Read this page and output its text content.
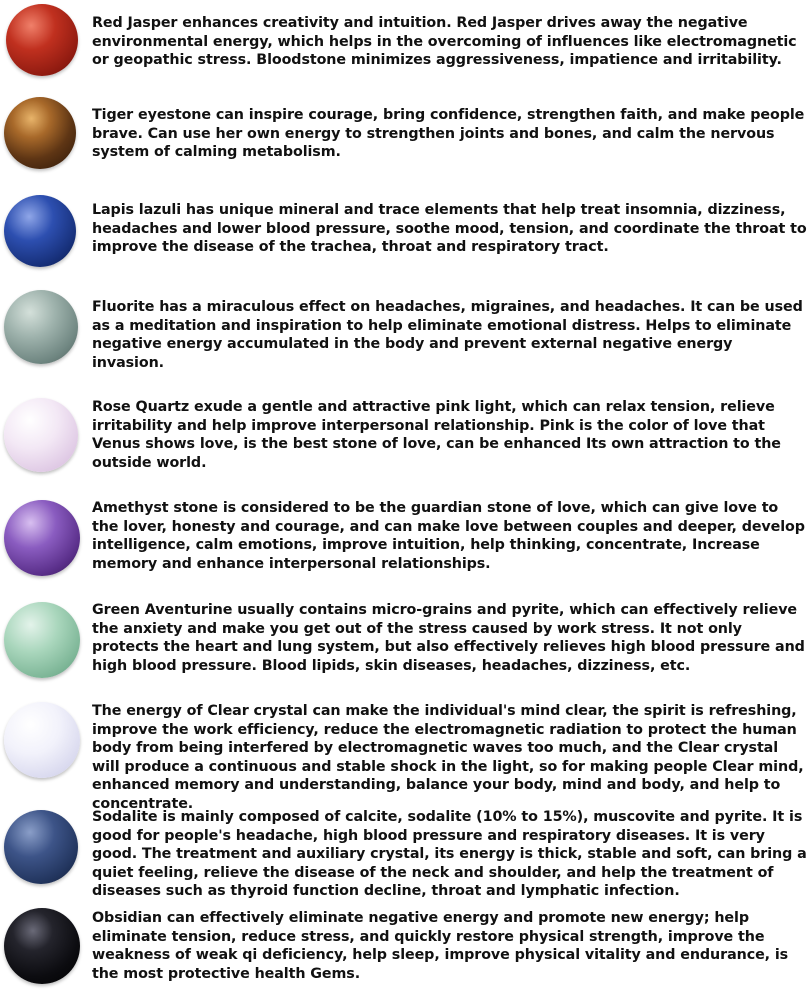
Red Jasper enhances creativity and intuition. Red Jasper drives away the negative environmental energy, which helps in the overcoming of influences like electromagnetic or geopathic stress. Bloodstone minimizes aggressiveness, impatience and irritability.

Tiger eyestone can inspire courage, bring confidence, strengthen faith, and make people brave. Can use her own energy to strengthen joints and bones, and calm the nervous system of calming metabolism.

Lapis lazuli has unique mineral and trace elements that help treat insomnia, dizziness, headaches and lower blood pressure, soothe mood, tension, and coordinate the throat to improve the disease of the trachea, throat and respiratory tract.

Fluorite has a miraculous effect on headaches, migraines, and headaches. It can be used as a meditation and inspiration to help eliminate emotional distress. Helps to eliminate negative energy accumulated in the body and prevent external negative energy invasion.

Rose Quartz exude a gentle and attractive pink light, which can relax tension, relieve irritability and help improve interpersonal relationship. Pink is the color of love that Venus shows love, is the best stone of love, can be enhanced Its own attraction to the outside world.

Amethyst stone is considered to be the guardian stone of love, which can give love to the lover, honesty and courage, and can make love between couples and deeper, develop intelligence, calm emotions, improve intuition, help thinking, concentrate, Increase memory and enhance interpersonal relationships.

Green Aventurine usually contains micro-grains and pyrite, which can effectively relieve the anxiety and make you get out of the stress caused by work stress. It not only protects the heart and lung system, but also effectively relieves high blood pressure and high blood pressure. Blood lipids, skin diseases, headaches, dizziness, etc.

The energy of Clear crystal can make the individual's mind clear, the spirit is refreshing, improve the work efficiency, reduce the electromagnetic radiation to protect the human body from being interfered by electromagnetic waves too much, and the Clear crystal will produce a continuous and stable shock in the light, so for making people Clear mind, enhanced memory and understanding, balance your body, mind and body, and help to concentrate.

Sodalite is mainly composed of calcite, sodalite (10% to 15%), muscovite and pyrite. It is good for people's headache, high blood pressure and respiratory diseases. It is very good. The treatment and auxiliary crystal, its energy is thick, stable and soft, can bring a quiet feeling, relieve the disease of the neck and shoulder, and help the treatment of diseases such as thyroid function decline, throat and lymphatic infection.

Obsidian can effectively eliminate negative energy and promote new energy; help eliminate tension, reduce stress, and quickly restore physical strength, improve the weakness of weak qi deficiency, help sleep, improve physical vitality and endurance, is the most protective health Gems.
